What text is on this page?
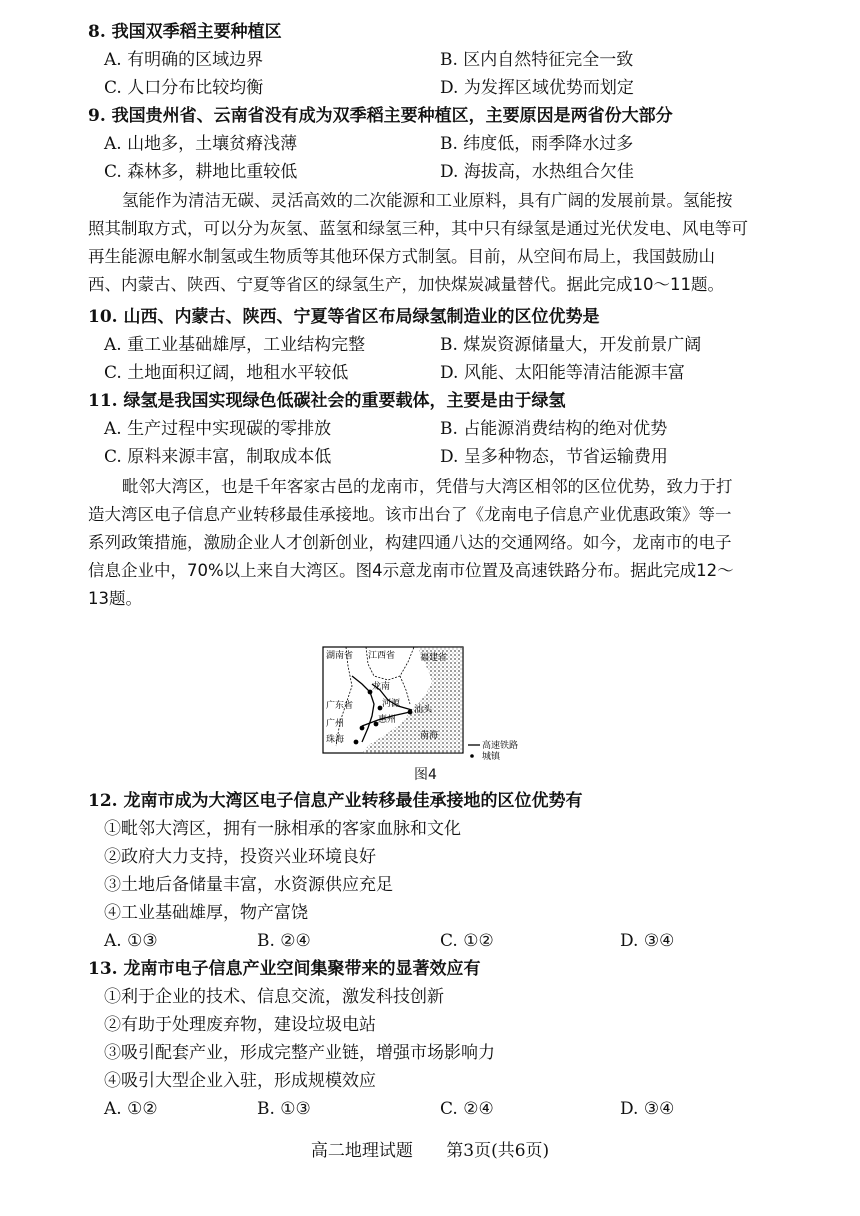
8. 我国双季稻主要种植区
A. 有明确的区域边界	B. 区内自然特征完全一致
C. 人口分布比较均衡	D. 为发挥区域优势而划定
9. 我国贵州省、云南省没有成为双季稻主要种植区，主要原因是两省份大部分
A. 山地多，土壤贫瘠浅薄	B. 纬度低，雨季降水过多
C. 森林多，耕地比重较低	D. 海拔高，水热组合欠佳
氢能作为清洁无碳、灵活高效的二次能源和工业原料，具有广阔的发展前景。氢能按
照其制取方式，可以分为灰氢、蓝氢和绿氢三种，其中只有绿氢是通过光伏发电、风电等可
再生能源电解水制氢或生物质等其他环保方式制氢。目前，从空间布局上，我国鼓励山
西、内蒙古、陕西、宁夏等省区的绿氢生产，加快煤炭减量替代。据此完成10～11题。
10. 山西、内蒙古、陕西、宁夏等省区布局绿氢制造业的区位优势是
A. 重工业基础雄厚，工业结构完整	B. 煤炭资源储量大，开发前景广阔
C. 土地面积辽阔，地租水平较低	D. 风能、太阳能等清洁能源丰富
11. 绿氢是我国实现绿色低碳社会的重要载体，主要是由于绿氢
A. 生产过程中实现碳的零排放	B. 占能源消费结构的绝对优势
C. 原料来源丰富，制取成本低	D. 呈多种物态，节省运输费用
毗邻大湾区，也是千年客家古邑的龙南市，凭借与大湾区相邻的区位优势，致力于打
造大湾区电子信息产业转移最佳承接地。该市出台了《龙南电子信息产业优惠政策》等一
系列政策措施，激励企业人才创新创业，构建四通八达的交通网络。如今，龙南市的电子
信息企业中，70%以上来自大湾区。图4示意龙南市位置及高速铁路分布。据此完成12～
13题。
湖南省 江西省	福建省
龙南
广东省	河源
汕头
广州	惠州
珠海	南海
高速铁路
城镇
图4
12. 龙南市成为大湾区电子信息产业转移最佳承接地的区位优势有
①毗邻大湾区，拥有一脉相承的客家血脉和文化
②政府大力支持，投资兴业环境良好
③土地后备储量丰富，水资源供应充足
④工业基础雄厚，物产富饶
A. ①③	B. ②④	C. ①②	D. ③④
13. 龙南市电子信息产业空间集聚带来的显著效应有
①利于企业的技术、信息交流，激发科技创新
②有助于处理废弃物，建设垃圾电站
③吸引配套产业，形成完整产业链，增强市场影响力
④吸引大型企业入驻，形成规模效应
A. ①②	B. ①③	C. ②④	D. ③④
高二地理试题 第3页(共6页)
